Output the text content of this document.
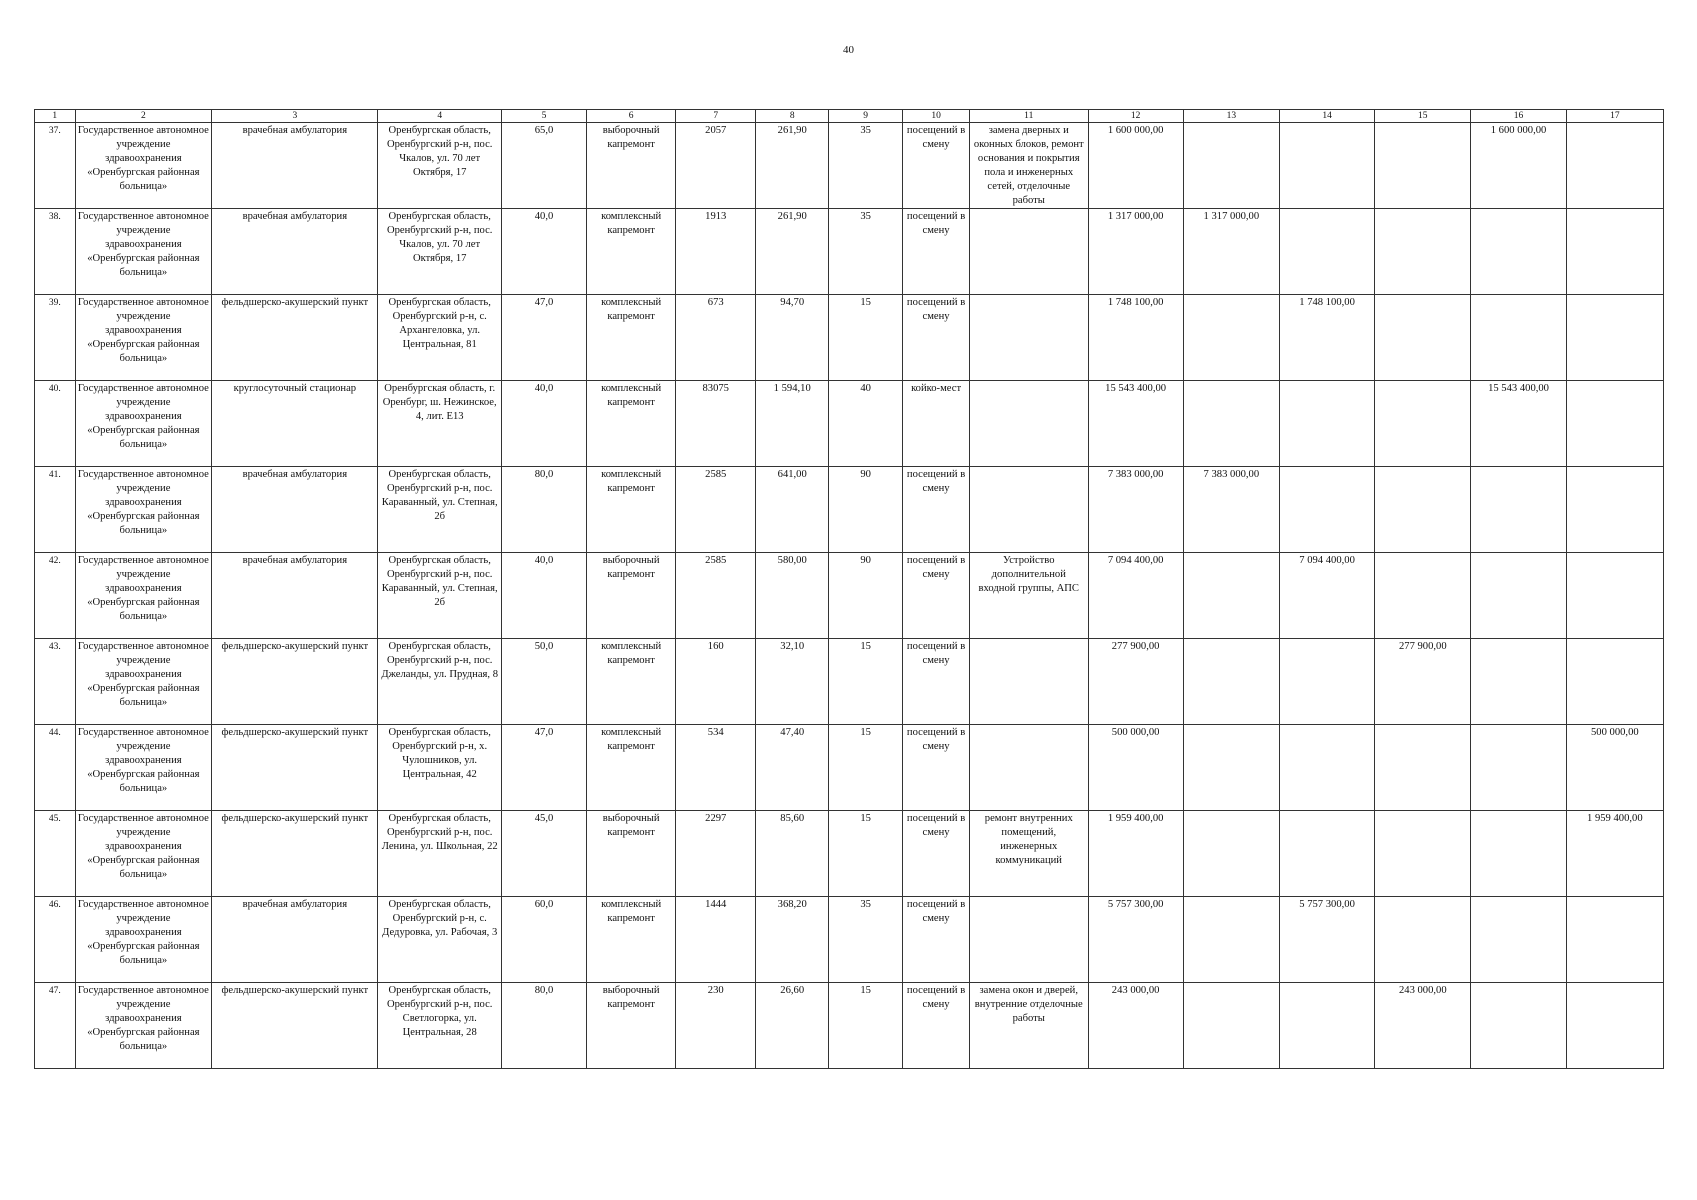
40
1	2	3	4	5	6	7	8	9	10	11	12	13	14	15	16	17
37.	Государственное автономное учреждение здравоохранения «Оренбургская районная больница»	врачебная амбулатория	Оренбургская область, Оренбургский р-н, пос. Чкалов, ул. 70 лет Октября, 17	65,0	выборочный капремонт	2057	261,90	35	посещений в смену	замена дверных и оконных блоков, ремонт основания и покрытия пола и инженерных сетей, отделочные работы	1 600 000,00				1 600 000,00	
38.	Государственное автономное учреждение здравоохранения «Оренбургская районная больница»	врачебная амбулатория	Оренбургская область, Оренбургский р-н, пос. Чкалов, ул. 70 лет Октября, 17	40,0	комплексный капремонт	1913	261,90	35	посещений в смену		1 317 000,00	1 317 000,00				
39.	Государственное автономное учреждение здравоохранения «Оренбургская районная больница»	фельдшерско-акушерский пункт	Оренбургская область, Оренбургский р-н, с. Архангеловка, ул. Центральная, 81	47,0	комплексный капремонт	673	94,70	15	посещений в смену		1 748 100,00		1 748 100,00			
40.	Государственное автономное учреждение здравоохранения «Оренбургская районная больница»	круглосуточный стационар	Оренбургская область, г. Оренбург, ш. Нежинское, 4, лит. Е13	40,0	комплексный капремонт	83075	1 594,10	40	койко-мест		15 543 400,00				15 543 400,00	
41.	Государственное автономное учреждение здравоохранения «Оренбургская районная больница»	врачебная амбулатория	Оренбургская область, Оренбургский р-н, пос. Караванный, ул. Степная, 2б	80,0	комплексный капремонт	2585	641,00	90	посещений в смену		7 383 000,00	7 383 000,00				
42.	Государственное автономное учреждение здравоохранения «Оренбургская районная больница»	врачебная амбулатория	Оренбургская область, Оренбургский р-н, пос. Караванный, ул. Степная, 2б	40,0	выборочный капремонт	2585	580,00	90	посещений в смену	Устройство дополнительной входной группы, АПС	7 094 400,00		7 094 400,00			
43.	Государственное автономное учреждение здравоохранения «Оренбургская районная больница»	фельдшерско-акушерский пункт	Оренбургская область, Оренбургский р-н, пос. Джеланды, ул. Прудная, 8	50,0	комплексный капремонт	160	32,10	15	посещений в смену		277 900,00			277 900,00		
44.	Государственное автономное учреждение здравоохранения «Оренбургская районная больница»	фельдшерско-акушерский пункт	Оренбургская область, Оренбургский р-н, х. Чулошников, ул. Центральная, 42	47,0	комплексный капремонт	534	47,40	15	посещений в смену		500 000,00					500 000,00
45.	Государственное автономное учреждение здравоохранения «Оренбургская районная больница»	фельдшерско-акушерский пункт	Оренбургская область, Оренбургский р-н, пос. Ленина, ул. Школьная, 22	45,0	выборочный капремонт	2297	85,60	15	посещений в смену	ремонт внутренних помещений, инженерных коммуникаций	1 959 400,00					1 959 400,00
46.	Государственное автономное учреждение здравоохранения «Оренбургская районная больница»	врачебная амбулатория	Оренбургская область, Оренбургский р-н, с. Дедуровка, ул. Рабочая, 3	60,0	комплексный капремонт	1444	368,20	35	посещений в смену		5 757 300,00		5 757 300,00			
47.	Государственное автономное учреждение здравоохранения «Оренбургская районная больница»	фельдшерско-акушерский пункт	Оренбургская область, Оренбургский р-н, пос. Светлогорка, ул. Центральная, 28	80,0	выборочный капремонт	230	26,60	15	посещений в смену	замена окон и дверей, внутренние отделочные работы	243 000,00			243 000,00		
